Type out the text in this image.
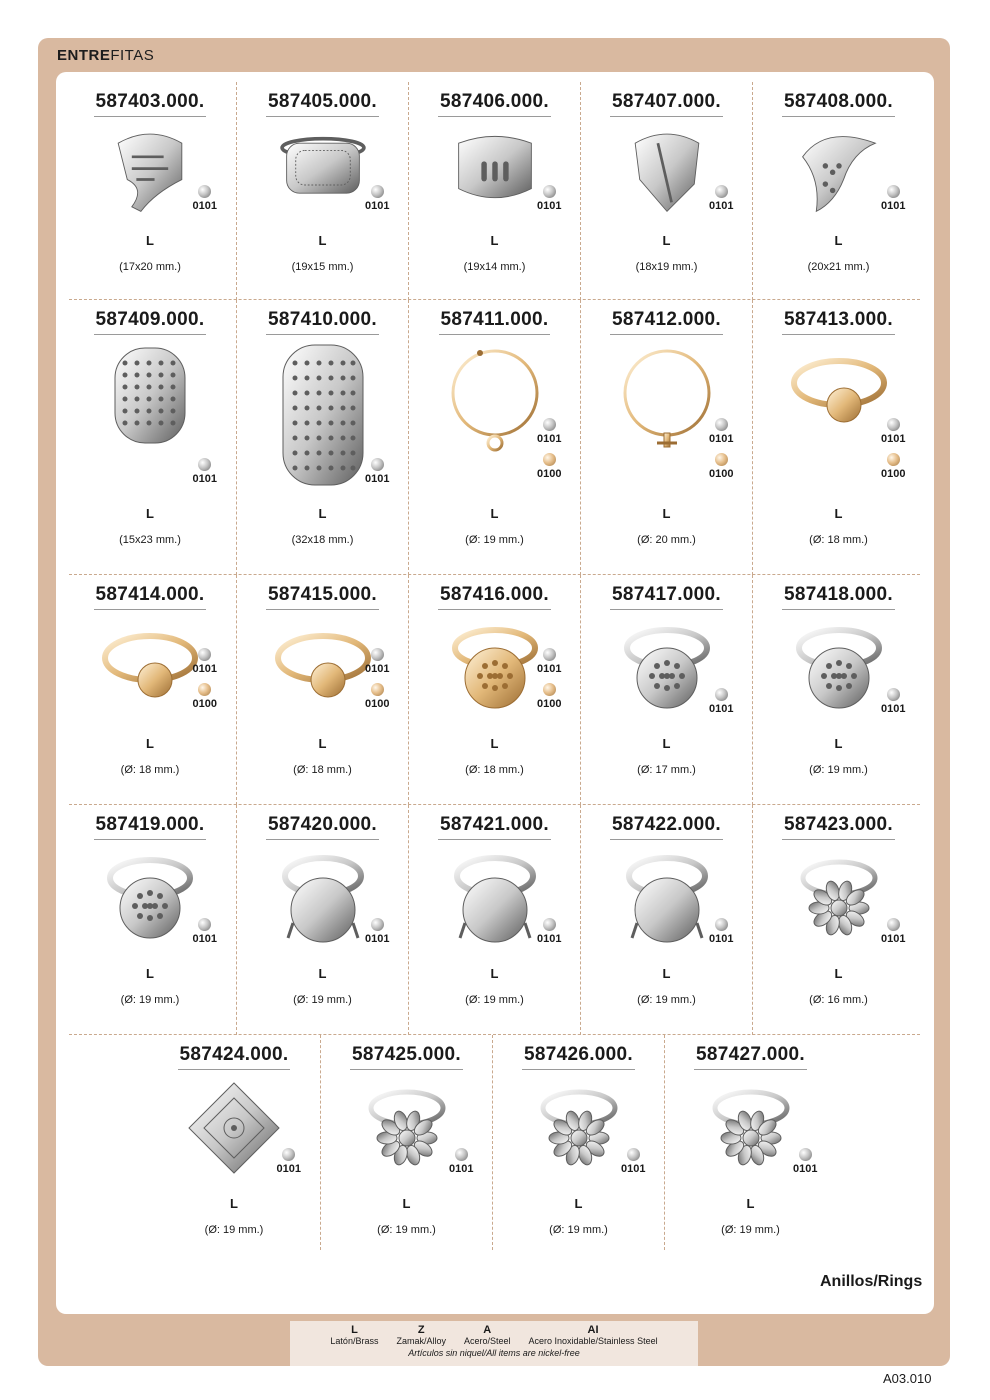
ENTREFITAS
587403.000.
0101
L
(17x20 mm.)
587405.000.
0101
L
(19x15 mm.)
587406.000.
0101
L
(19x14 mm.)
587407.000.
0101
L
(18x19 mm.)
587408.000.
0101
L
(20x21 mm.)
587409.000.
0101
L
(15x23 mm.)
587410.000.
0101
L
(32x18 mm.)
587411.000.
0101
0100
L
(Ø: 19 mm.)
587412.000.
0101
0100
L
(Ø: 20 mm.)
587413.000.
0101
0100
L
(Ø: 18 mm.)
587414.000.
0101
0100
L
(Ø: 18 mm.)
587415.000.
0101
0100
L
(Ø: 18 mm.)
587416.000.
0101
0100
L
(Ø: 18 mm.)
587417.000.
0101
L
(Ø: 17 mm.)
587418.000.
0101
L
(Ø: 19 mm.)
587419.000.
0101
L
(Ø: 19 mm.)
587420.000.
0101
L
(Ø: 19 mm.)
587421.000.
0101
L
(Ø: 19 mm.)
587422.000.
0101
L
(Ø: 19 mm.)
587423.000.
0101
L
(Ø: 16 mm.)
587424.000.
0101
L
(Ø: 19 mm.)
587425.000.
0101
L
(Ø: 19 mm.)
587426.000.
0101
L
(Ø: 19 mm.)
587427.000.
0101
L
(Ø: 19 mm.)
Anillos/Rings
L
Latón/Brass
Z
Zamak/Alloy
A
Acero/Steel
AI
Acero Inoxidable/Stainless Steel
Artículos sin niquel/All items are nickel-free
A03.010
